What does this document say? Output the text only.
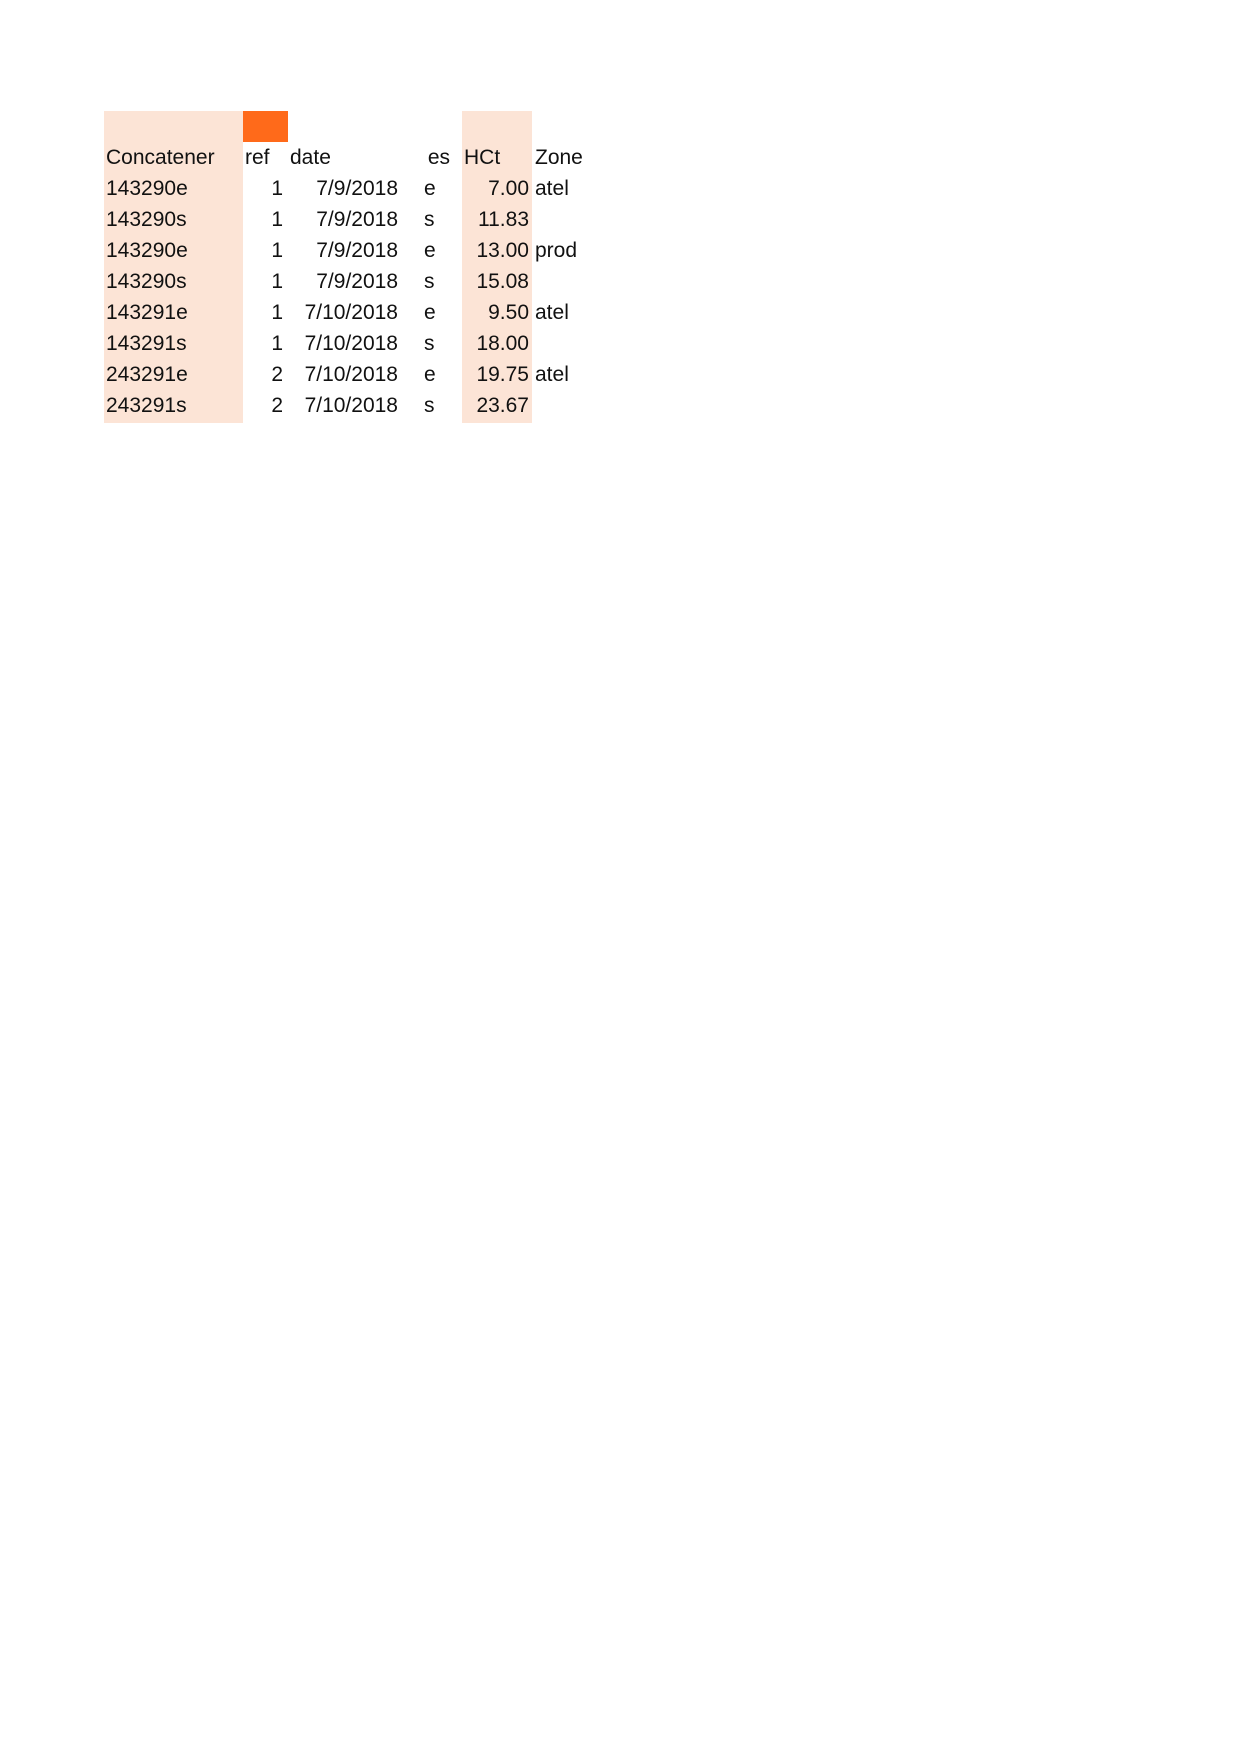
Concatener	ref date	es HCt Zone
143290e	1	7/9/2018 e	7.00 atel
143290s	1	7/9/2018 s	11.83
143290e	1	7/9/2018 e	13.00 prod
143290s	1	7/9/2018 s	15.08
143291e	1	7/10/2018 e	9.50 atel
143291s	1	7/10/2018 s	18.00
243291e	2	7/10/2018 e	19.75 atel
243291s	2	7/10/2018 s	23.67
